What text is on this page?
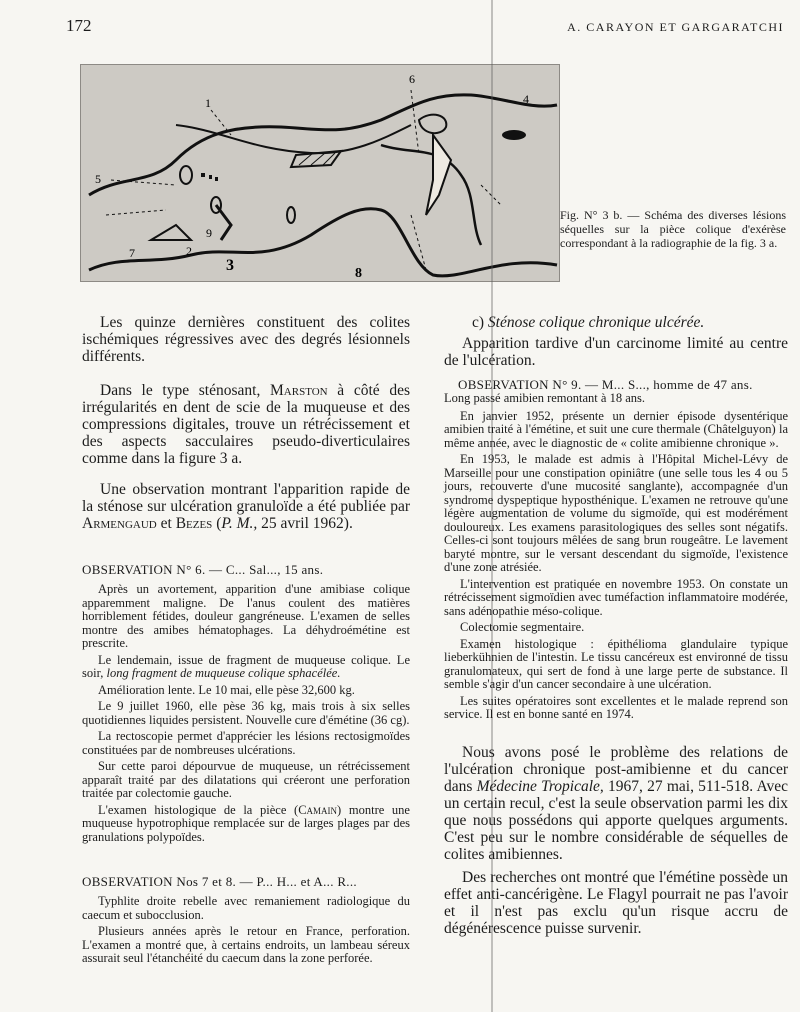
172	A. CARAYON ET GARGARATCHI
1
2
3
4
5
6
7
8
9
Fig. N° 3 b. — Schéma des diverses lésions séquelles sur la pièce colique d'exérèse correspondant à la radiographie de la fig. 3 a.

Les quinze dernières constituent des colites ischémiques régressives avec des degrés lésionnels différents.

Dans le type sténosant, Marston à côté des irrégularités en dent de scie de la muqueuse et des compressions digitales, trouve un rétrécissement et des aspects sacculaires pseudo-diverticulaires comme dans la figure 3 a.

Une observation montrant l'apparition rapide de la sténose sur ulcération granuloïde a été publiée par Armengaud et Bezes (P. M., 25 avril 1962).

OBSERVATION N° 6. — C... Sal..., 15 ans.

Après un avortement, apparition d'une amibiase colique apparemment maligne. De l'anus coulent des matières horriblement fétides, douleur gangréneuse. L'examen de selles montre des amibes hématophages. La déhydroémétine est prescrite.

Le lendemain, issue de fragment de muqueuse colique. Le soir, long fragment de muqueuse colique sphacélée.

Amélioration lente. Le 10 mai, elle pèse 32,600 kg.

Le 9 juillet 1960, elle pèse 36 kg, mais trois à six selles quotidiennes liquides persistent. Nouvelle cure d'émétine (36 cg).

La rectoscopie permet d'apprécier les lésions rectosigmoïdes constituées par de nombreuses ulcérations.

Sur cette paroi dépourvue de muqueuse, un rétrécissement apparaît traité par des dilatations qui créeront une perforation traitée par colectomie gauche.

L'examen histologique de la pièce (Camain) montre une muqueuse hypotrophique remplacée sur de larges plages par des granulations polypoïdes.

OBSERVATION Nos 7 et 8. — P... H... et A... R...

Typhlite droite rebelle avec remaniement radiologique du caecum et subocclusion.

Plusieurs années après le retour en France, perforation. L'examen a montré que, à certains endroits, un lambeau séreux assurait seul l'étanchéité du caecum dans la zone perforée.

c) Sténose colique chronique ulcérée.

Apparition tardive d'un carcinome limité au centre de l'ulcération.

OBSERVATION N° 9. — M... S..., homme de 47 ans.

Long passé amibien remontant à 18 ans.

En janvier 1952, présente un dernier épisode dysentérique amibien traité à l'émétine, et suit une cure thermale (Châtelguyon) la même année, avec le diagnostic de « colite amibienne chronique ».

En 1953, le malade est admis à l'Hôpital Michel-Lévy de Marseille pour une constipation opiniâtre (une selle tous les 4 ou 5 jours, recouverte d'une mucosité sanglante), accompagnée d'un syndrome dyspeptique hyposthénique. L'examen ne retrouve qu'une légère augmentation de volume du sigmoïde, qui est modérément douloureux. Les examens parasitologiques des selles sont négatifs. Celles-ci sont toujours mêlées de sang brun rougeâtre. Le lavement baryté montre, sur le versant descendant du sigmoïde, l'existence d'une zone atrésiée.

L'intervention est pratiquée en novembre 1953. On constate un rétrécissement sigmoïdien avec tuméfaction inflammatoire modérée, sans adénopathie méso-colique.

Colectomie segmentaire.

Examen histologique : épithélioma glandulaire typique lieberkühnien de l'intestin. Le tissu cancéreux est environné de tissu granulomateux, qui sert de fond à une large perte de substance. Il semble s'agir d'un cancer secondaire à une ulcération.

Les suites opératoires sont excellentes et le malade reprend son service. Il est en bonne santé en 1974.

Nous avons posé le problème des relations de l'ulcération chronique post-amibienne et du cancer dans Médecine Tropicale, 1967, 27 mai, 511-518. Avec un certain recul, c'est la seule observation parmi les dix que nous possédons qui apporte quelques arguments. C'est peu sur le nombre considérable de séquelles de colites amibiennes.

Des recherches ont montré que l'émétine possède un effet anti-cancérigène. Le Flagyl pourrait ne pas l'avoir et il n'est pas exclu qu'un risque accru de dégénérescence puisse survenir.
